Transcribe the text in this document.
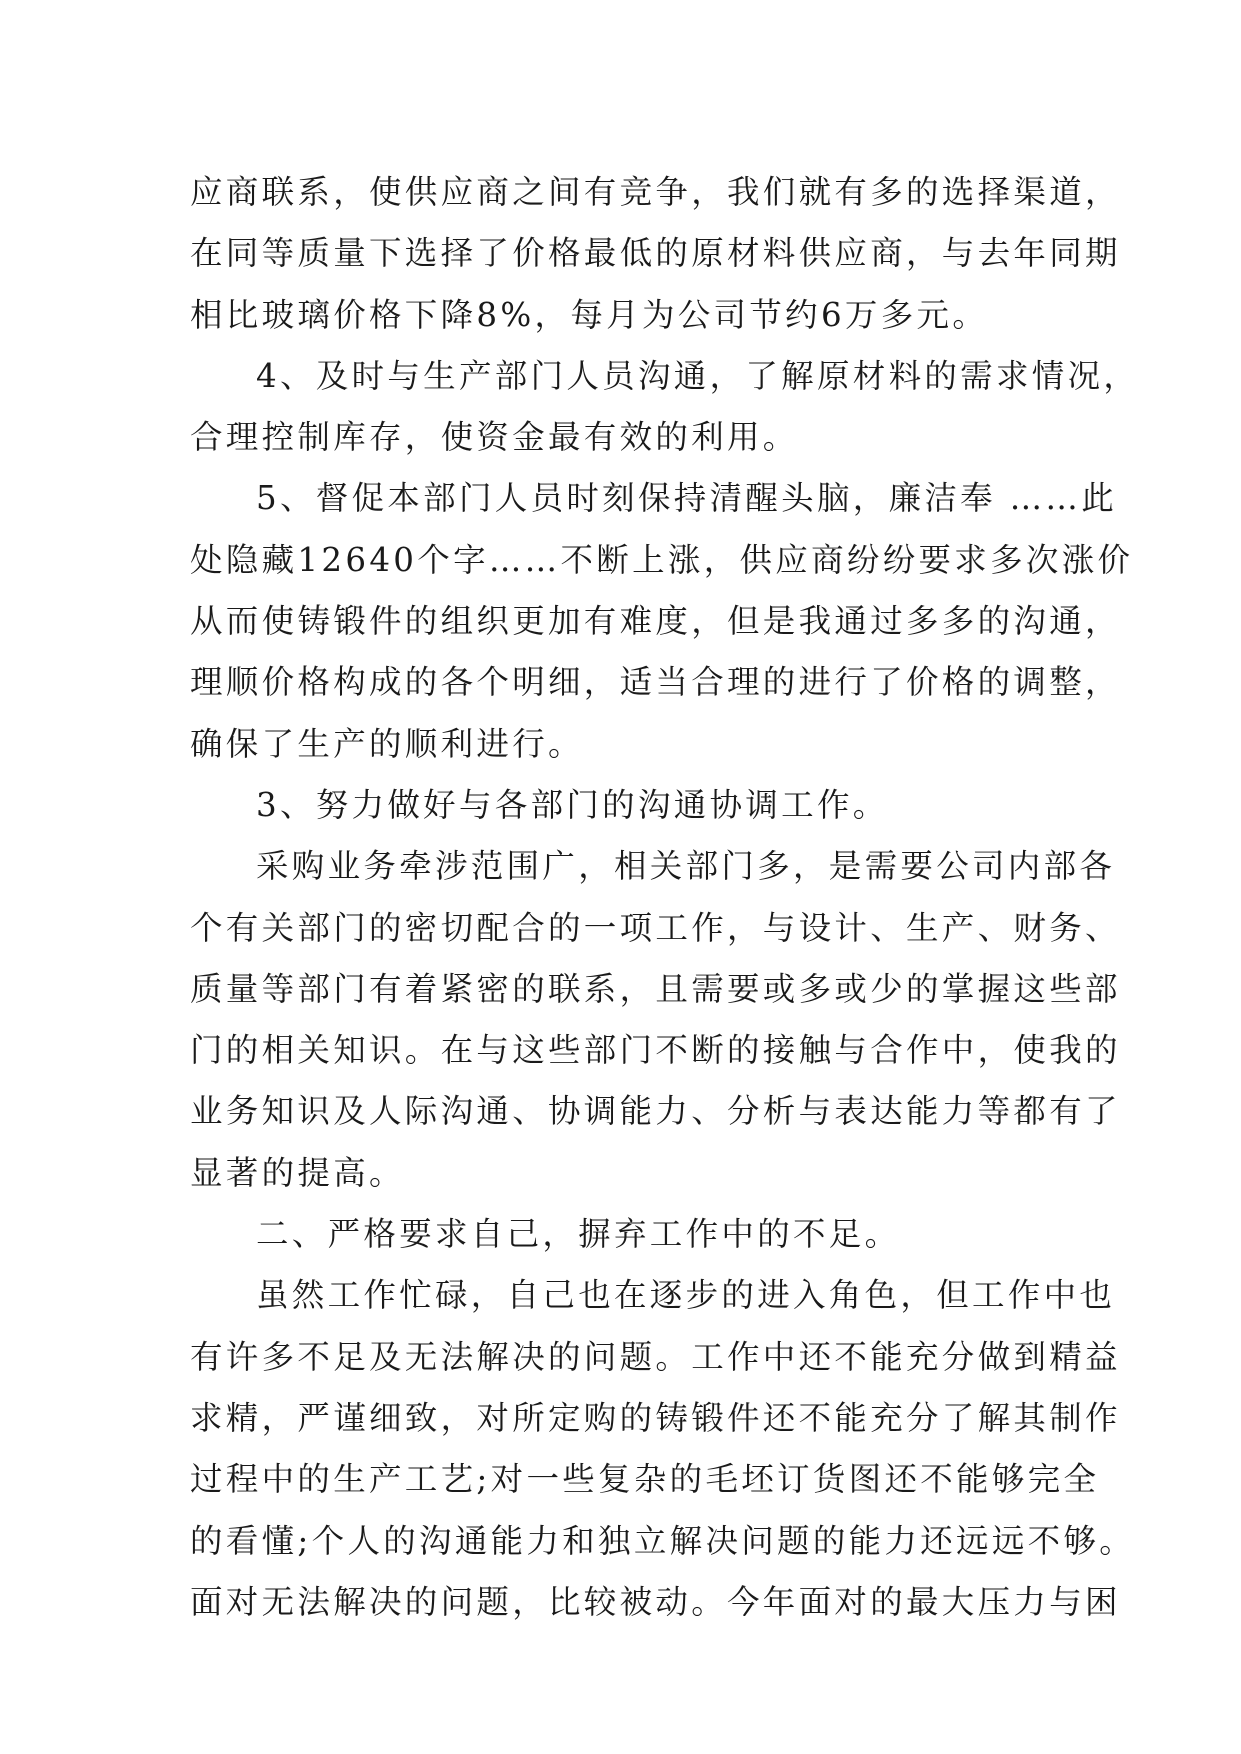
应商联系，使供应商之间有竞争，我们就有多的选择渠道，
在同等质量下选择了价格最低的原材料供应商，与去年同期
相比玻璃价格下降8%，每月为公司节约6万多元。
4、及时与生产部门人员沟通，了解原材料的需求情况，
合理控制库存，使资金最有效的利用。
5、督促本部门人员时刻保持清醒头脑，廉洁奉 ……此
处隐藏12640个字……不断上涨，供应商纷纷要求多次涨价
从而使铸锻件的组织更加有难度，但是我通过多多的沟通，
理顺价格构成的各个明细，适当合理的进行了价格的调整，
确保了生产的顺利进行。
3、努力做好与各部门的沟通协调工作。
采购业务牵涉范围广，相关部门多，是需要公司内部各
个有关部门的密切配合的一项工作，与设计、生产、财务、
质量等部门有着紧密的联系，且需要或多或少的掌握这些部
门的相关知识。在与这些部门不断的接触与合作中，使我的
业务知识及人际沟通、协调能力、分析与表达能力等都有了
显著的提高。
二、严格要求自己，摒弃工作中的不足。
虽然工作忙碌，自己也在逐步的进入角色，但工作中也
有许多不足及无法解决的问题。工作中还不能充分做到精益
求精，严谨细致，对所定购的铸锻件还不能充分了解其制作
过程中的生产工艺;对一些复杂的毛坯订货图还不能够完全
的看懂;个人的沟通能力和独立解决问题的能力还远远不够。
面对无法解决的问题，比较被动。今年面对的最大压力与困
